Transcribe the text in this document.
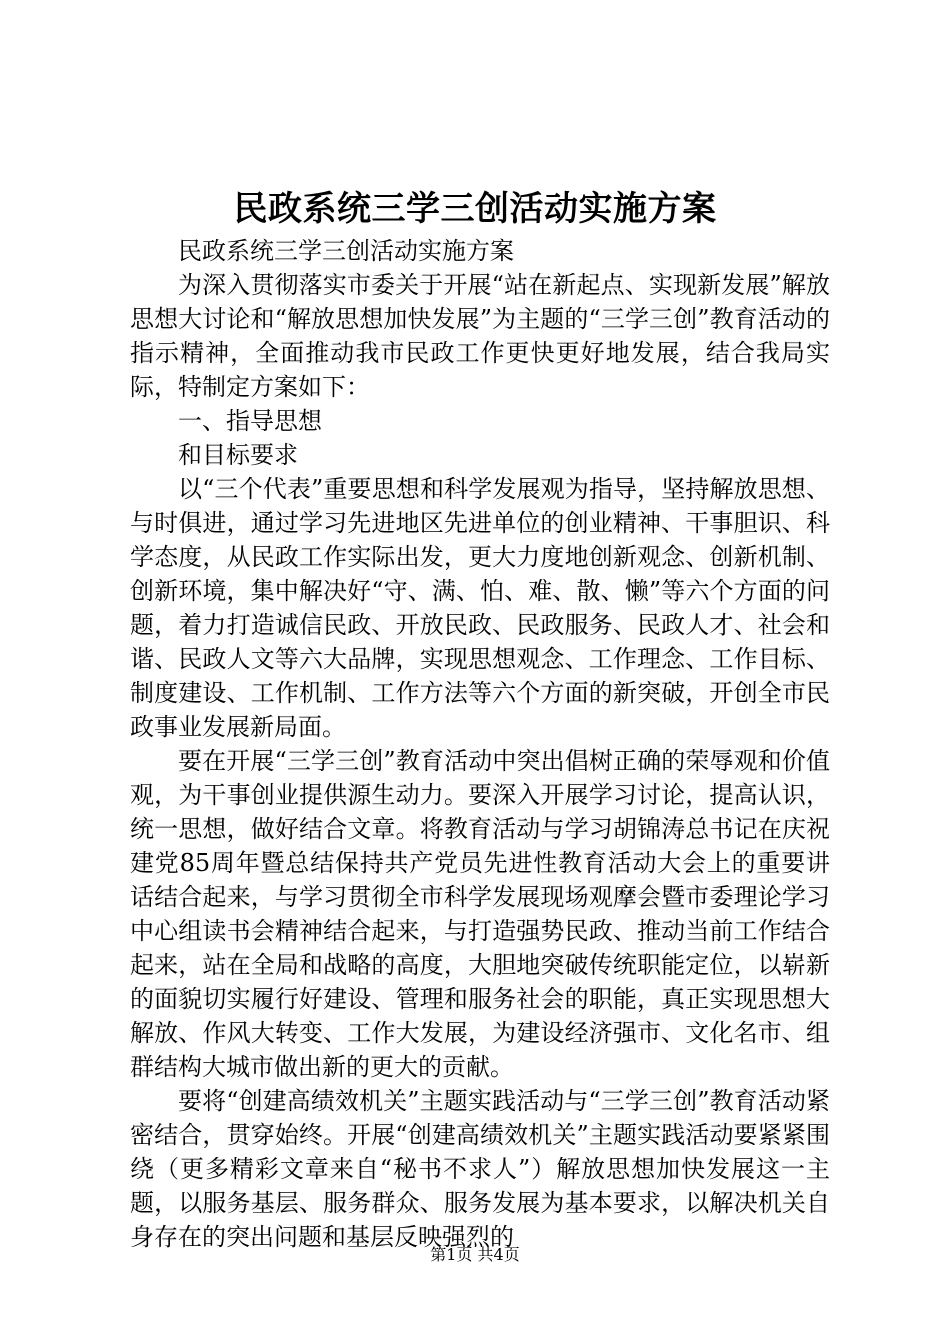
民政系统三学三创活动实施方案

民政系统三学三创活动实施方案

为深入贯彻落实市委关于开展“站在新起点、实现新发展”解放思想大讨论和“解放思想加快发展”为主题的“三学三创”教育活动的指示精神，全面推动我市民政工作更快更好地发展，结合我局实际，特制定方案如下：

一、指导思想

和目标要求

以“三个代表”重要思想和科学发展观为指导，坚持解放思想、与时俱进，通过学习先进地区先进单位的创业精神、干事胆识、科学态度，从民政工作实际出发，更大力度地创新观念、创新机制、创新环境，集中解决好“守、满、怕、难、散、懒”等六个方面的问题，着力打造诚信民政、开放民政、民政服务、民政人才、社会和谐、民政人文等六大品牌，实现思想观念、工作理念、工作目标、制度建设、工作机制、工作方法等六个方面的新突破，开创全市民政事业发展新局面。

要在开展“三学三创”教育活动中突出倡树正确的荣辱观和价值观，为干事创业提供源生动力。要深入开展学习讨论，提高认识，统一思想，做好结合文章。将教育活动与学习胡锦涛总书记在庆祝建党85周年暨总结保持共产党员先进性教育活动大会上的重要讲话结合起来，与学习贯彻全市科学发展现场观摩会暨市委理论学习中心组读书会精神结合起来，与打造强势民政、推动当前工作结合起来，站在全局和战略的高度，大胆地突破传统职能定位，以崭新的面貌切实履行好建设、管理和服务社会的职能，真正实现思想大解放、作风大转变、工作大发展，为建设经济强市、文化名市、组群结构大城市做出新的更大的贡献。

要将“创建高绩效机关”主题实践活动与“三学三创”教育活动紧密结合，贯穿始终。开展“创建高绩效机关”主题实践活动要紧紧围绕（更多精彩文章来自“秘书不求人”）解放思想加快发展这一主题，以服务基层、服务群众、服务发展为基本要求，以解决机关自身存在的突出问题和基层反映强烈的

第1页 共4页
